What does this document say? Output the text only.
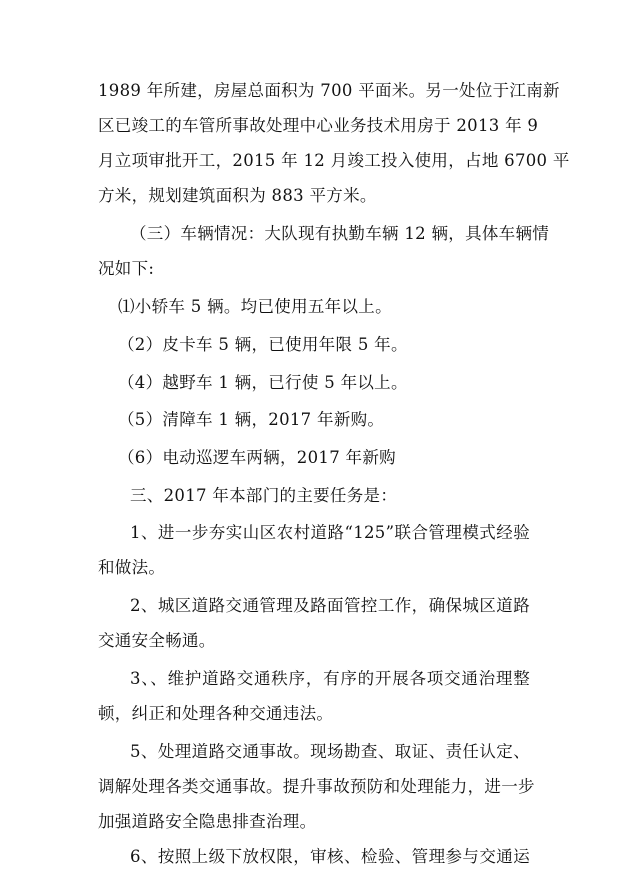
1989 年所建，房屋总面积为 700 平面米。另一处位于江南新
区已竣工的车管所事故处理中心业务技术用房于 2013 年 9
月立项审批开工，2015 年 12 月竣工投入使用，占地 6700 平
方米，规划建筑面积为 883 平方米。
（三）车辆情况：大队现有执勤车辆 12 辆，具体车辆情
况如下:
⑴小轿车 5 辆。均已使用五年以上。
（2）皮卡车 5 辆，已使用年限 5 年。
（4）越野车 1 辆，已行使 5 年以上。
（5）清障车 1 辆，2017 年新购。
（6）电动巡逻车两辆，2017 年新购
三、2017 年本部门的主要任务是：
1、进一步夯实山区农村道路“125”联合管理模式经验
和做法。
2、城区道路交通管理及路面管控工作，确保城区道路
交通安全畅通。
3、、维护道路交通秩序，有序的开展各项交通治理整
顿，纠正和处理各种交通违法。
5、处理道路交通事故。现场勘查、取证、责任认定、
调解处理各类交通事故。提升事故预防和处理能力，进一步
加强道路安全隐患排查治理。
6、按照上级下放权限，审核、检验、管理参与交通运
